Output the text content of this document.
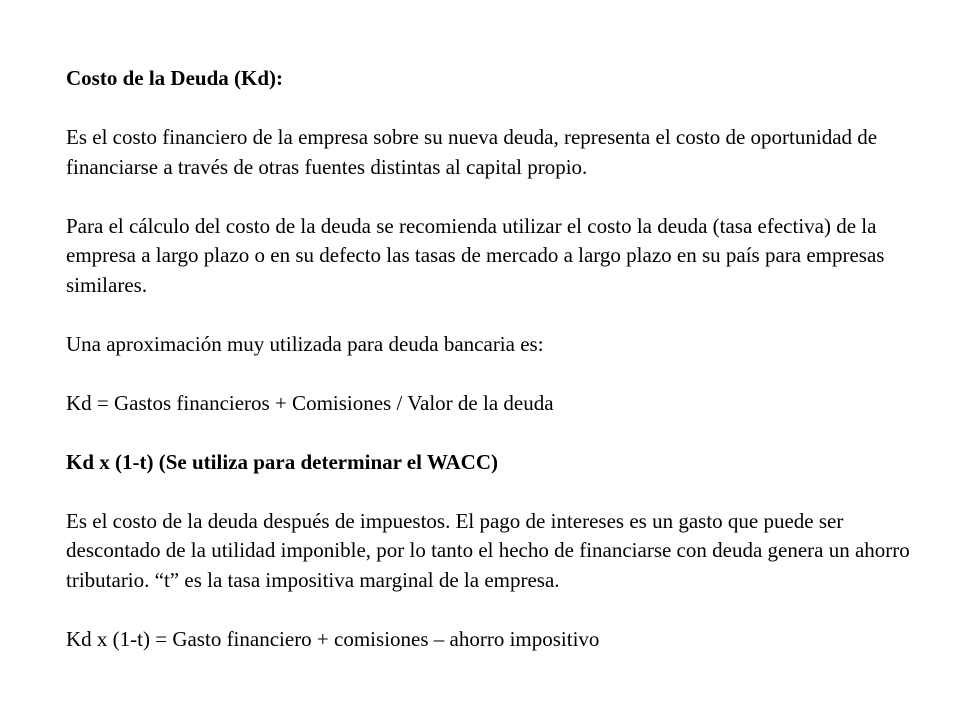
Costo de la Deuda (Kd):

Es el costo financiero de la empresa sobre su nueva deuda, representa el costo de oportunidad de financiarse a través de otras fuentes distintas al capital propio.

Para el cálculo del costo de la deuda se recomienda utilizar el costo la deuda (tasa efectiva) de la empresa a largo plazo o en su defecto las tasas de mercado a largo plazo en su país para empresas similares.

Una aproximación muy utilizada para deuda bancaria es:

Kd = Gastos financieros + Comisiones / Valor de la deuda

Kd x (1-t) (Se utiliza para determinar el WACC)

Es el costo de la deuda después de impuestos. El pago de intereses es un gasto que puede ser descontado de la utilidad imponible, por lo tanto el hecho de financiarse con deuda genera un ahorro tributario. “t” es la tasa impositiva marginal de la empresa.

Kd x (1-t) = Gasto financiero + comisiones – ahorro impositivo
